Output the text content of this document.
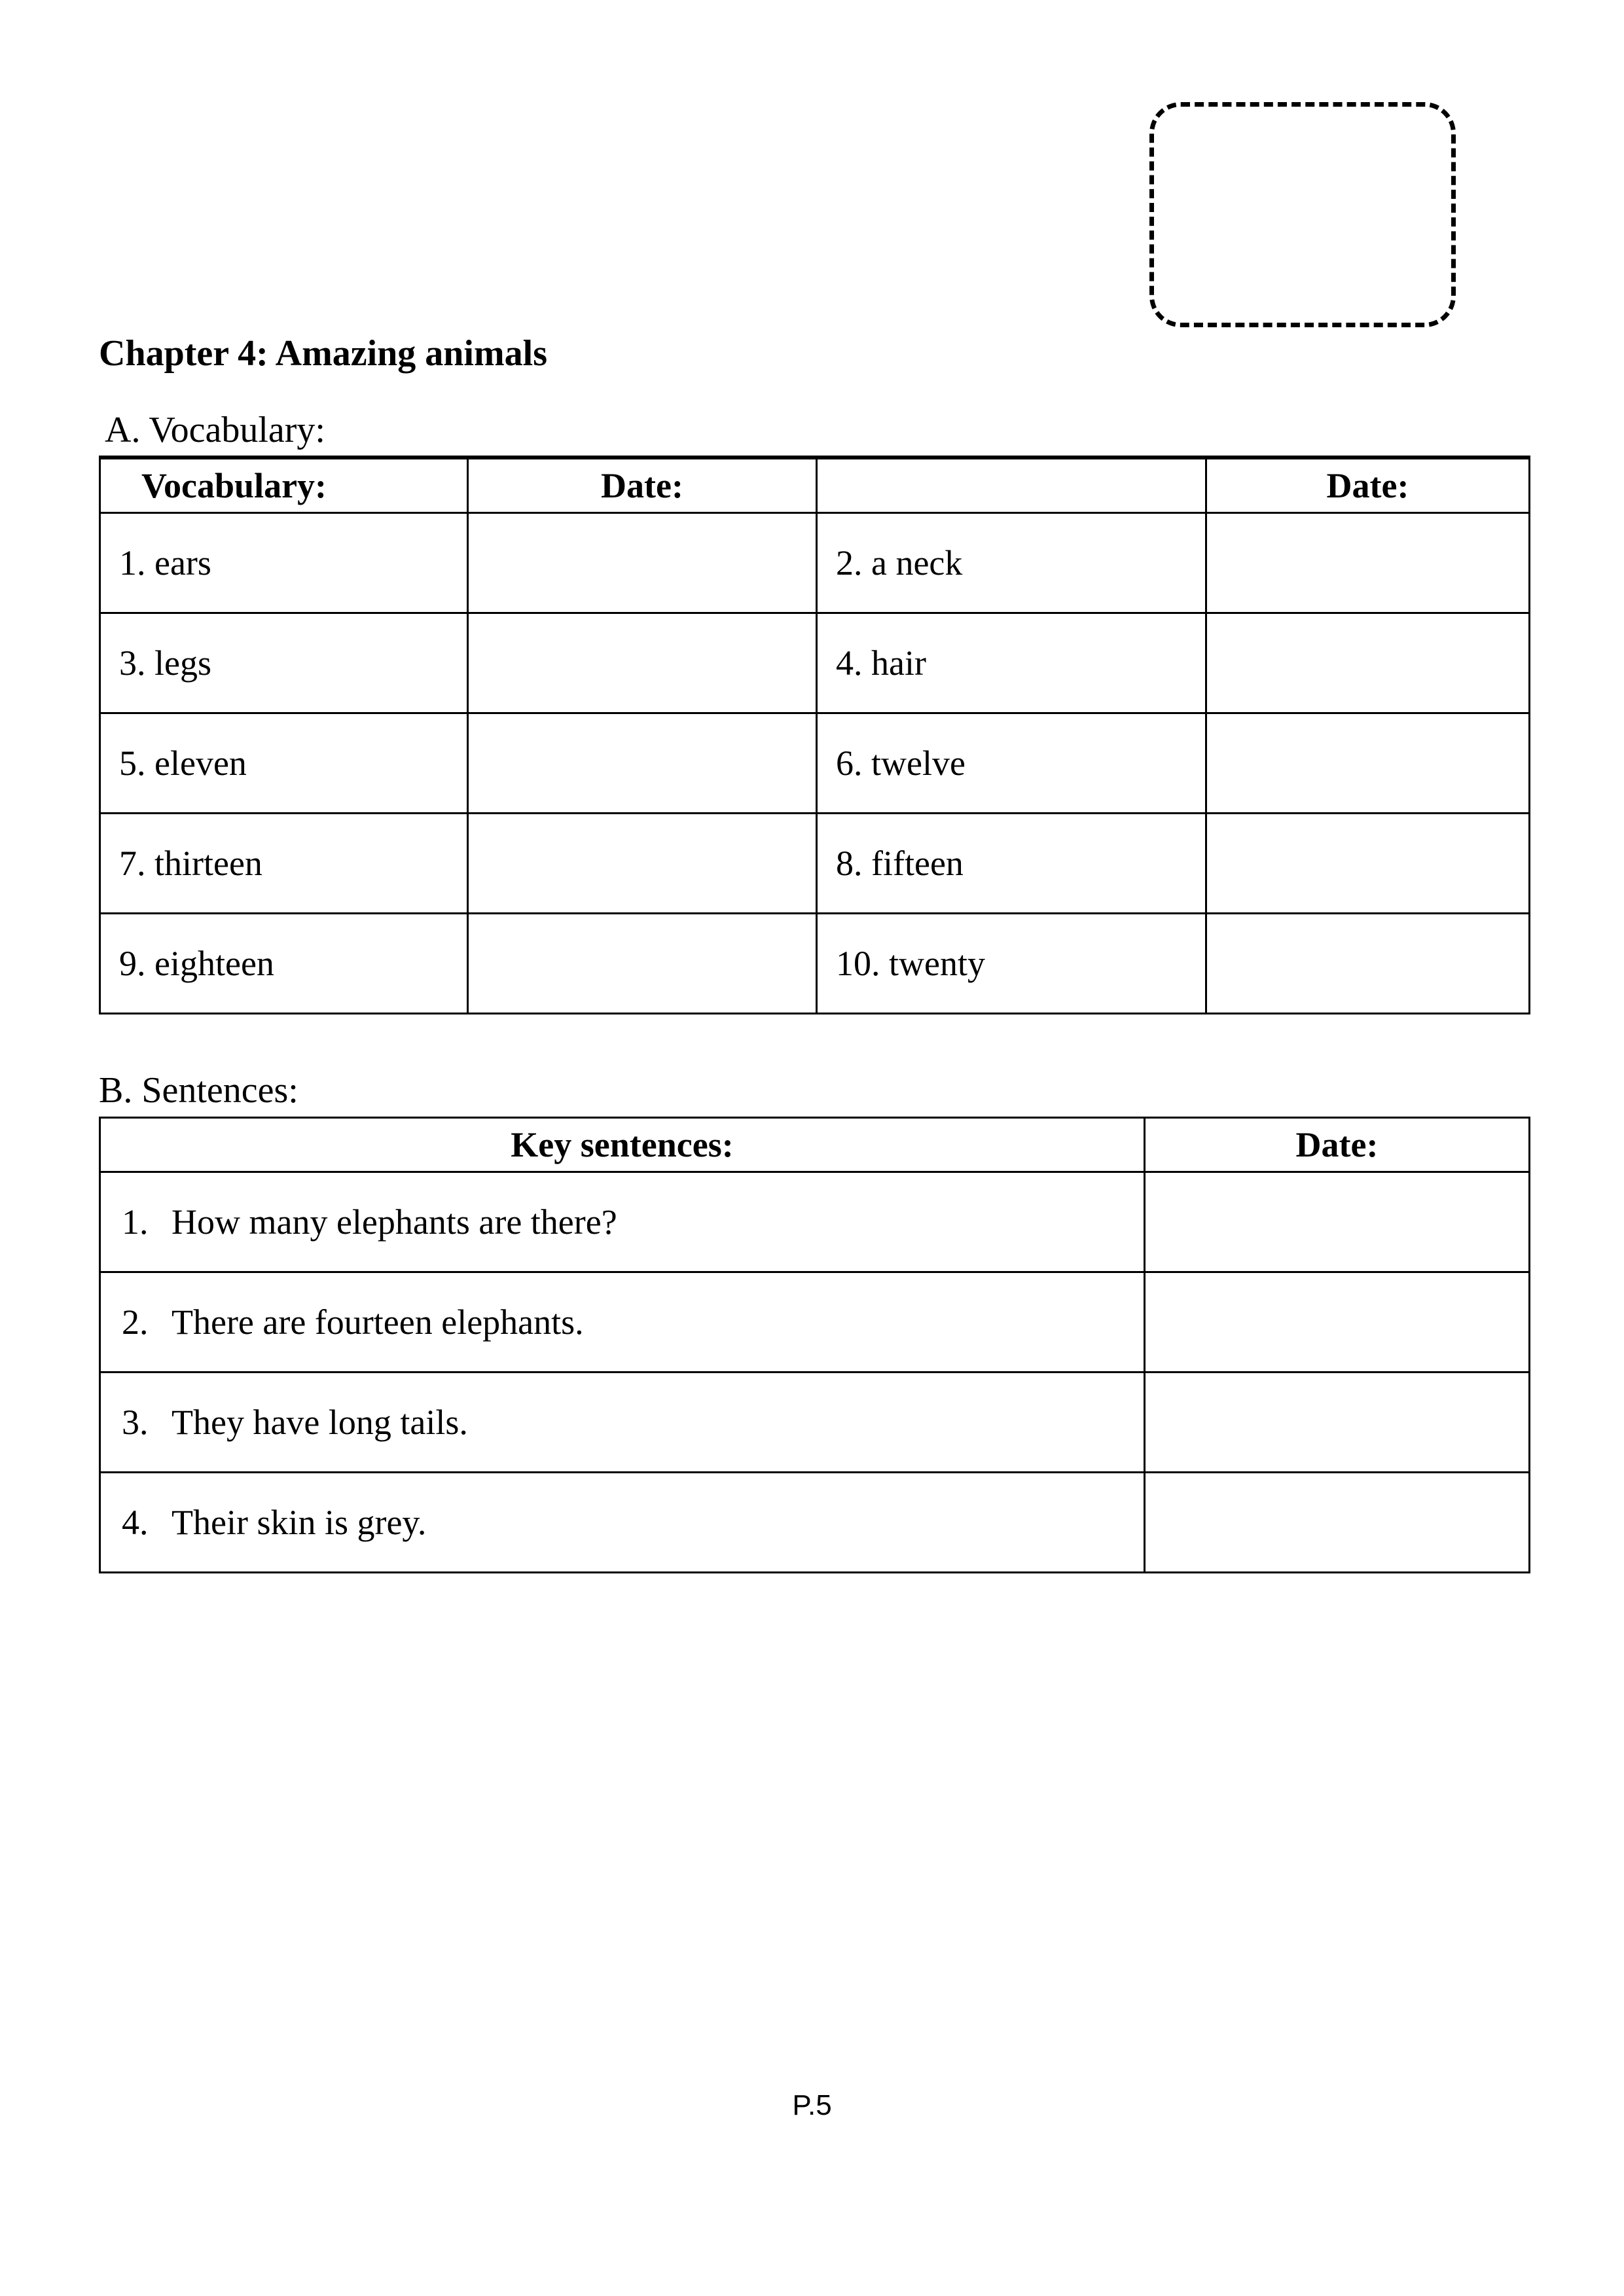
Chapter 4: Amazing animals
A. Vocabulary:
Vocabulary:	Date:		Date:
1. ears		2. a neck	
3. legs		4. hair	
5. eleven		6. twelve	
7. thirteen		8. fifteen	
9. eighteen		10. twenty	
B. Sentences:
Key sentences:	Date:
1. How many elephants are there?	
2. There are fourteen elephants.	
3. They have long tails.	
4. Their skin is grey.	
P.5
